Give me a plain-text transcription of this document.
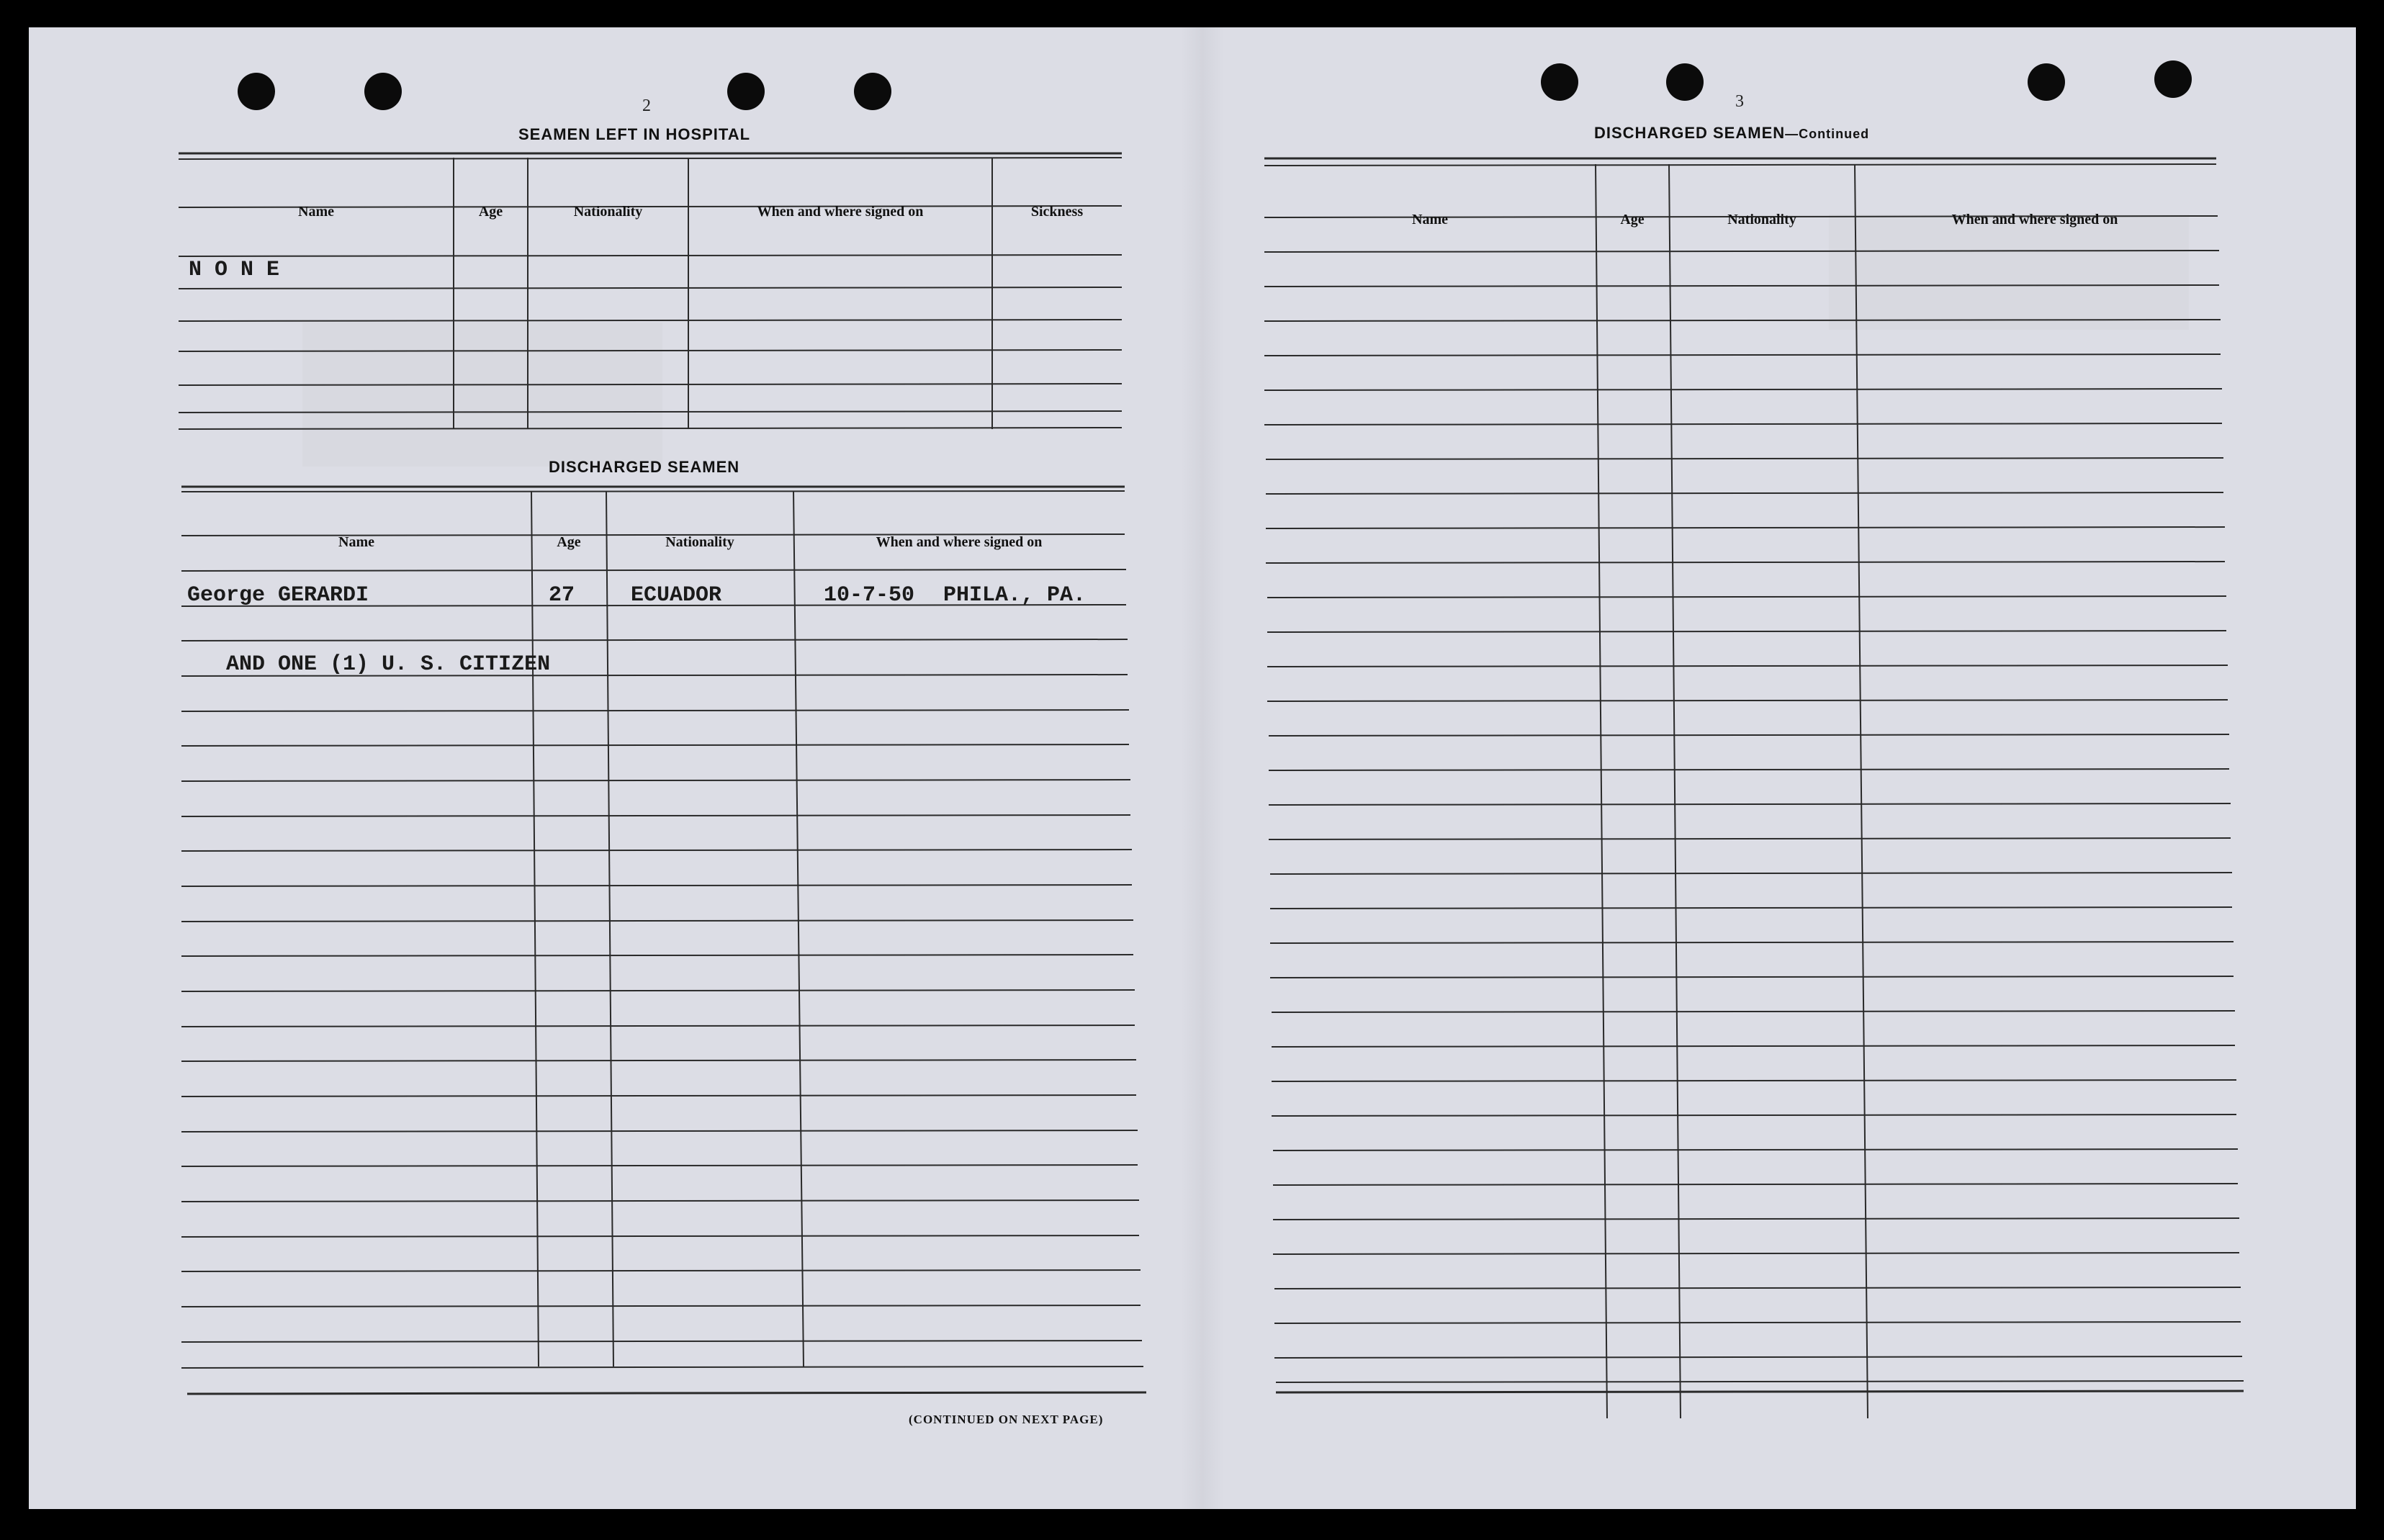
2
SEAMEN LEFT IN HOSPITAL
Name	Age	Nationality	When and where signed on	Sickness
N O N E
DISCHARGED SEAMEN
Name	Age	Nationality	When and where signed on
George GERARDI	27	ECUADOR	10-7-50 PHILA., PA.
AND ONE (1) U. S. CITIZEN
(CONTINUED ON NEXT PAGE)
3
DISCHARGED SEAMEN—Continued
Name	Age	Nationality	When and where signed on
